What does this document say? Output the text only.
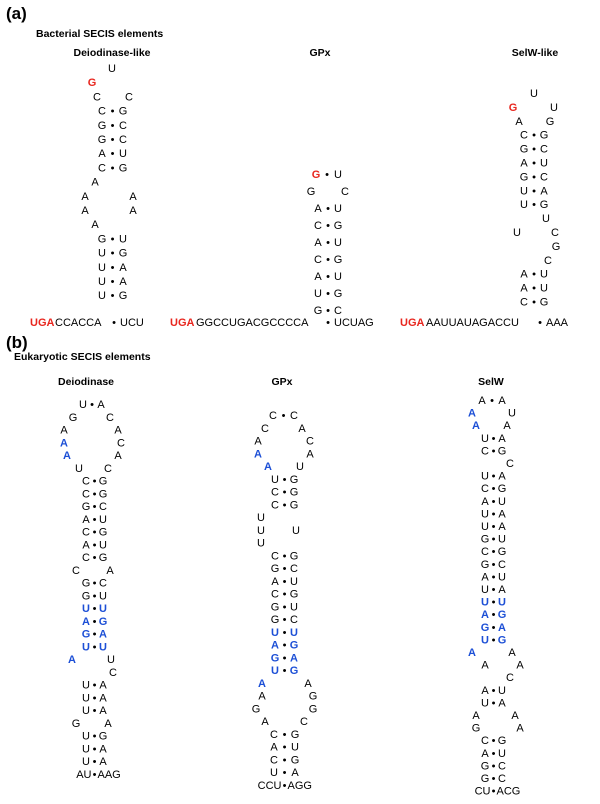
(a)
Bacterial SECIS elements
(b)
Eukaryotic SECIS elements
Deiodinase-like	GPx	SelW-like
Deiodinase	GPx	SelW
U
G
C C
C • G
G • C
G • C
A • U
C • G
A
A	A
A	A
A
G • U
U • G
U • A
U • A
U • G
UGA CCACCA • UCU
G • U
G C
A • U
C • G
A • U
C • G
A • U
U • G
G • C
UGA GGCCUGACGCCCCA • UCUAG
U
G	U
A G
C • G
G • C
A • U
G • C
U • A
U • G
U
U	C
G
C
A • U
A • U
C • G
UGA AAUUAUAGACCU • AAA
U • A
G	C
A	A
A	C
A	A
U C
C • G
C • G
G • C
A • U
C • G
A • U
C • G
C A
G • C
G • U
U • U
A • G
G • A
U • U
A	U
C
U • A
U • A
U • A
G A
U • G
U • A
U • A
AU • AAG
C • C
C	A
A	C
A	A
A U
U • G
C • G
C • G
U
U U
U
C • G
G • C
A • U
C • G
G • U
G • C
U • U
A • G
G • A
U • G
A	A
A	G
G	G
A	C
C • G
A • U
C • G
U • A
CCU • AGG
A • A
A	U
A A
U • A
C • G
C
U • A
C • G
A • U
U • A
U • A
G • U
C • G
G • C
A • U
U • A
U • U
A • G
G • A
U • G
A	A
A	A
C
A • U
U • A
A	A
G	A
C • G
A • U
G • C
G • C
CU • ACG
